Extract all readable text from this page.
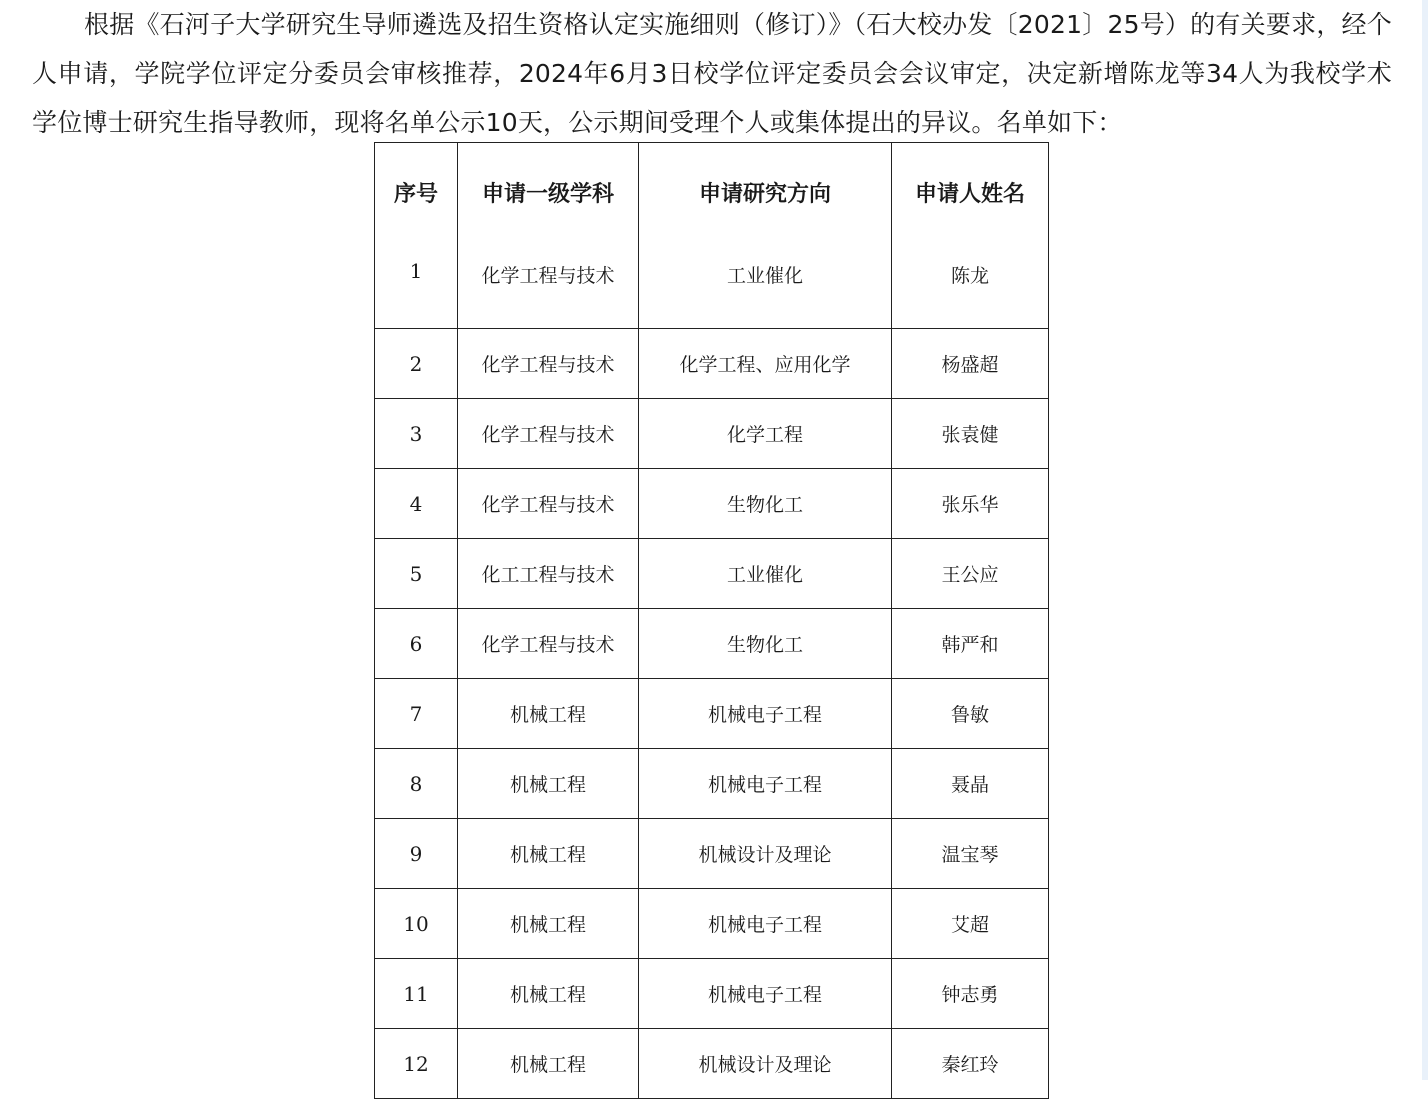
根据《石河子大学研究生导师遴选及招生资格认定实施细则（修订）》（石大校办发〔2021〕25号）的有关要求，经个人申请，学院学位评定分委员会审核推荐，2024年6月3日校学位评定委员会会议审定，决定新增陈龙等34人为我校学术学位博士研究生指导教师，现将名单公示10天，公示期间受理个人或集体提出的异议。名单如下：

序号	申请一级学科	申请研究方向	申请人姓名
1	化学工程与技术	工业催化	陈龙
2	化学工程与技术	化学工程、应用化学	杨盛超
3	化学工程与技术	化学工程	张袁健
4	化学工程与技术	生物化工	张乐华
5	化工工程与技术	工业催化	王公应
6	化学工程与技术	生物化工	韩严和
7	机械工程	机械电子工程	鲁敏
8	机械工程	机械电子工程	聂晶
9	机械工程	机械设计及理论	温宝琴
10	机械工程	机械电子工程	艾超
11	机械工程	机械电子工程	钟志勇
12	机械工程	机械设计及理论	秦红玲
